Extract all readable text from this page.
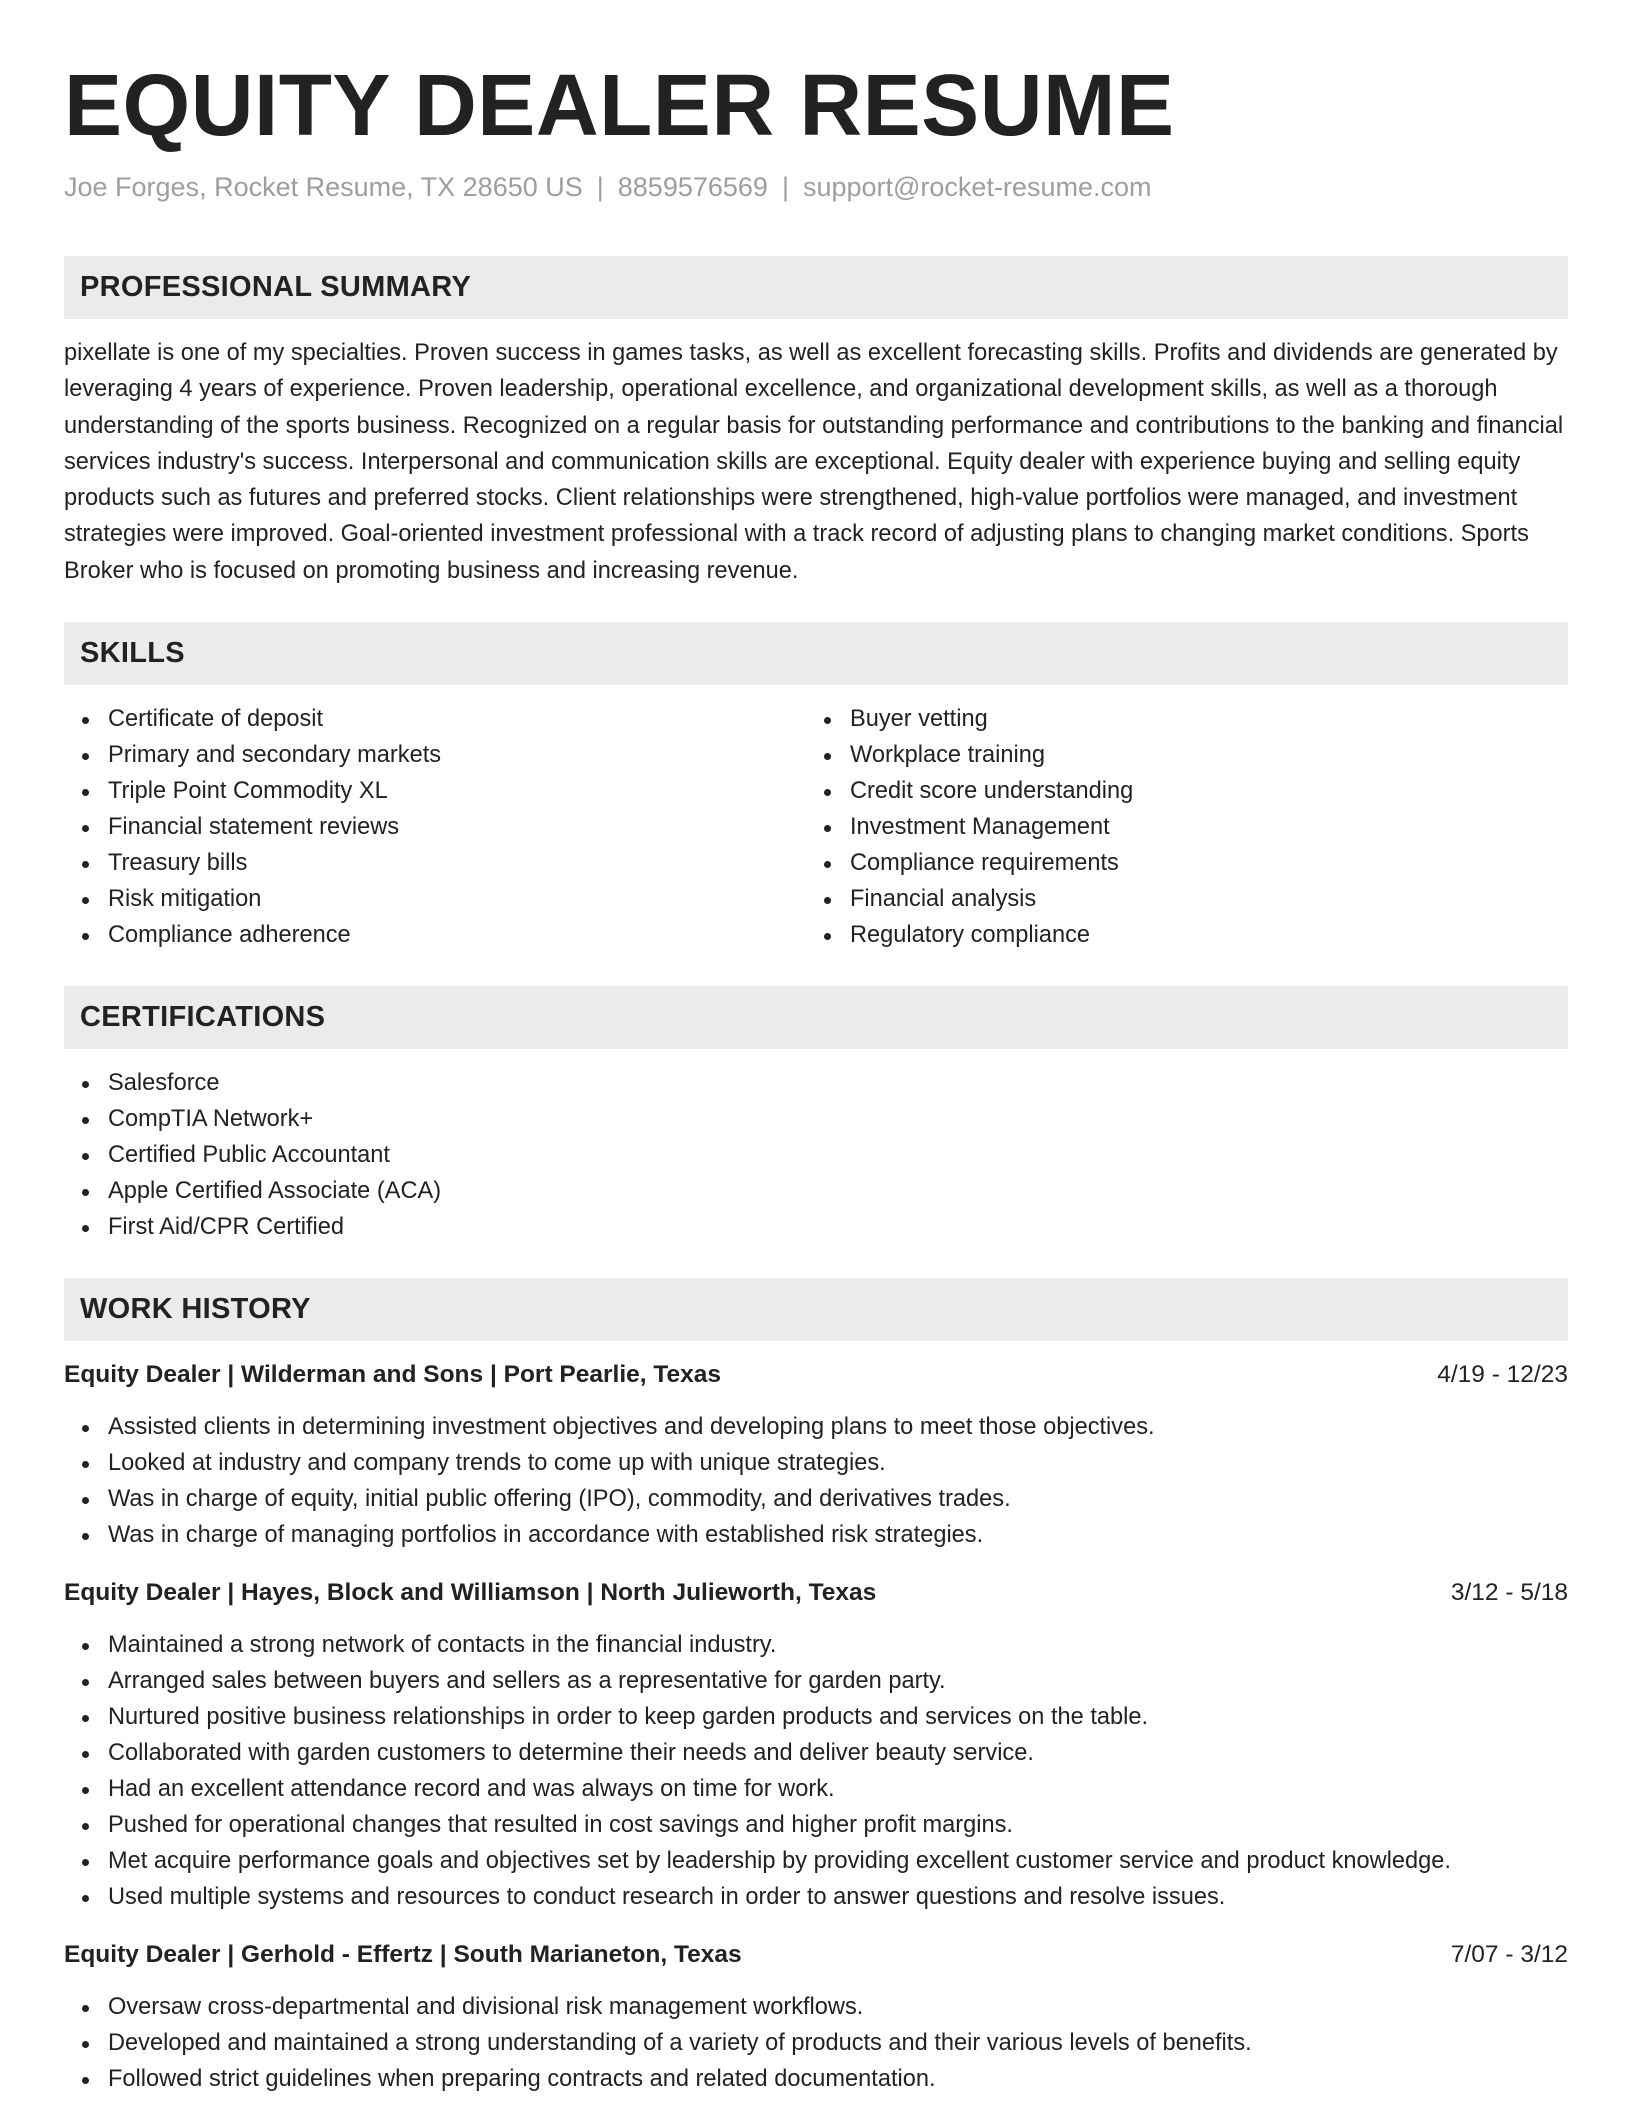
EQUITY DEALER RESUME
Joe Forges, Rocket Resume, TX 28650 US | 8859576569 | support@rocket-resume.com
PROFESSIONAL SUMMARY

pixellate is one of my specialties. Proven success in games tasks, as well as excellent forecasting skills. Profits and dividends are generated by leveraging 4 years of experience. Proven leadership, operational excellence, and organizational development skills, as well as a thorough understanding of the sports business. Recognized on a regular basis for outstanding performance and contributions to the banking and financial services industry's success. Interpersonal and communication skills are exceptional. Equity dealer with experience buying and selling equity products such as futures and preferred stocks. Client relationships were strengthened, high-value portfolios were managed, and investment strategies were improved. Goal-oriented investment professional with a track record of adjusting plans to changing market conditions. Sports Broker who is focused on promoting business and increasing revenue.

SKILLS
Certificate of deposit
Primary and secondary markets
Triple Point Commodity XL
Financial statement reviews
Treasury bills
Risk mitigation
Compliance adherence
Buyer vetting
Workplace training
Credit score understanding
Investment Management
Compliance requirements
Financial analysis
Regulatory compliance
CERTIFICATIONS
Salesforce
CompTIA Network+
Certified Public Accountant
Apple Certified Associate (ACA)
First Aid/CPR Certified
WORK HISTORY
Equity Dealer | Wilderman and Sons | Port Pearlie, Texas	4/19 - 12/23
Assisted clients in determining investment objectives and developing plans to meet those objectives.
Looked at industry and company trends to come up with unique strategies.
Was in charge of equity, initial public offering (IPO), commodity, and derivatives trades.
Was in charge of managing portfolios in accordance with established risk strategies.
Equity Dealer | Hayes, Block and Williamson | North Julieworth, Texas	3/12 - 5/18
Maintained a strong network of contacts in the financial industry.
Arranged sales between buyers and sellers as a representative for garden party.
Nurtured positive business relationships in order to keep garden products and services on the table.
Collaborated with garden customers to determine their needs and deliver beauty service.
Had an excellent attendance record and was always on time for work.
Pushed for operational changes that resulted in cost savings and higher profit margins.
Met acquire performance goals and objectives set by leadership by providing excellent customer service and product knowledge.
Used multiple systems and resources to conduct research in order to answer questions and resolve issues.
Equity Dealer | Gerhold - Effertz | South Marianeton, Texas	7/07 - 3/12
Oversaw cross-departmental and divisional risk management workflows.
Developed and maintained a strong understanding of a variety of products and their various levels of benefits.
Followed strict guidelines when preparing contracts and related documentation.
